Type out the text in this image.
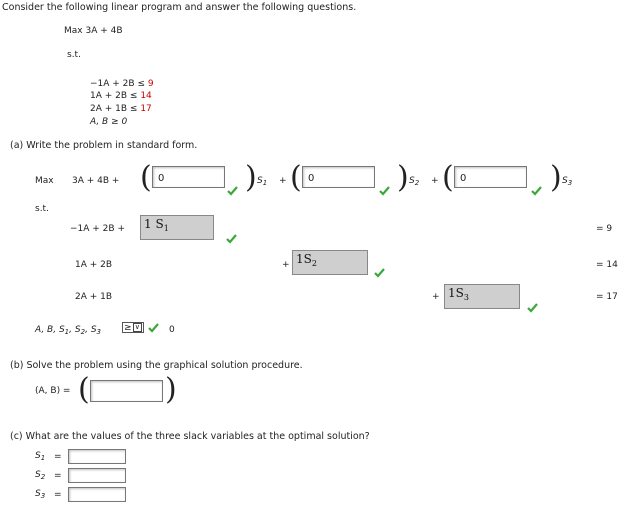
Consider the following linear program and answer the following questions.
Max 3A + 4B
s.t.
−1A + 2B ≤ 9
1A + 2B ≤ 14
2A + 1B ≤ 17
A, B ≥ 0
(a) Write the problem in standard form.
Max 3A + 4B + (
0	) $S_1$ + (
0	) $S_2$ + (
0	) $S_3$
s.t.
−1A + 2B +	1 $S_1$	= 9
1A + 2B	+ $1S_2$	= 14
2A + 1B	+ $1S_3$	= 17
A, B, $S_1$, $S_2$, $S_3$	≥ ∨	0
(b) Solve the problem using the graphical solution procedure.
(A, B) = (	)
(c) What are the values of the three slack variables at the optimal solution?
$S_1$ =
$S_2$ =
$S_3$ =
